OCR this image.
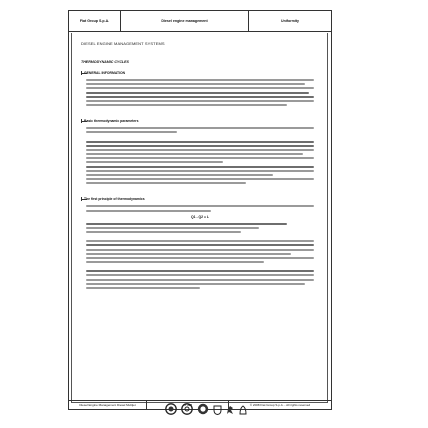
Fiat Group S.p.A.	Diesel engine management	Uniformity
DIESEL ENGINE MANAGEMENT SYSTEMS
THERMODYNAMIC CYCLES
GENERAL INFORMATION
Basic thermodynamic parameters
The first principle of thermodynamics
Q1 - Q2 = L
Diesel Engine Management Diesel Multijet	4 / 392	© 2008 Fiat Group S.p.A. - All rights reserved
